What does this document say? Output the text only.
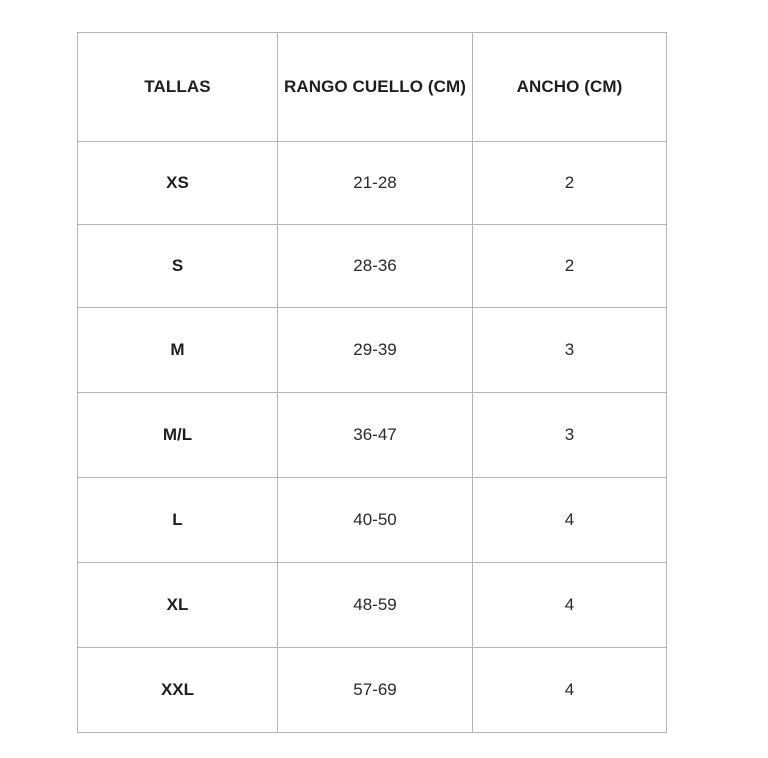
TALLAS	RANGO CUELLO (CM)	ANCHO (CM)
XS	21-28	2
S	28-36	2
M	29-39	3
M/L	36-47	3
L	40-50	4
XL	48-59	4
XXL	57-69	4
